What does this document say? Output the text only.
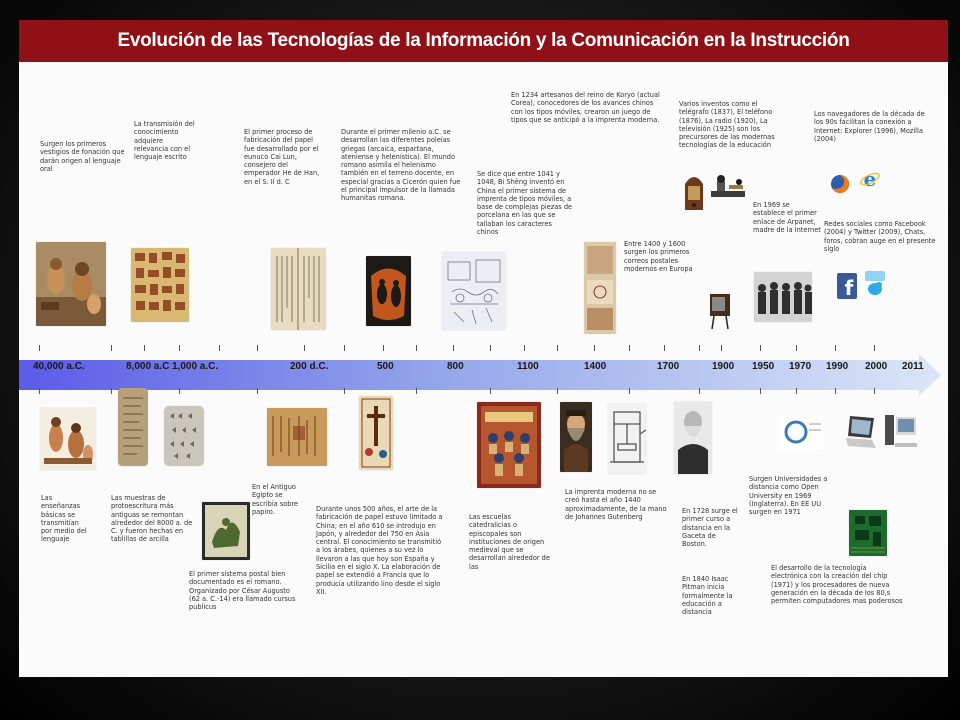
Evolución de las Tecnologías de la Información y la Comunicación en la Instrucción
Surgen los primeros vestigios de fonación que darán origen al lenguaje oral
La transmisión del conocimiento adquiere relevancia con el lenguaje escrito
El primer proceso de fabricación del papel fue desarrollado por el eunuco Cai Lun, consejero del emperador He de Han, en el S. II d. C
Durante el primer milenio a.C. se desarrollan las diferentes poleías griegas (arcaica, espartana, ateniense y helenística). El mundo romano asimila el helenismo también en el terreno docente, en especial gracias a Cicerón quien fue el principal impulsor de la llamada humanitas romana.
Se dice que entre 1041 y 1048, Bi Shêng inventó en China el primer sistema de imprenta de tipos móviles, a base de complejas piezas de porcelana en las que se tallaban los caracteres chinos
En 1234 artesanos del reino de Koryo (actual Corea), conocedores de los avances chinos con los tipos móviles, crearon un juego de tipos que se anticipó a la imprenta moderna.
Entre 1400 y 1600 surgen los primeros correos postales modernos en Europa
Varios inventos como el telégrafo (1837), El teléfono (1876), La radio (1920), La televisión (1925) son los precursores de las modernas tecnologías de la educación
En 1969 se establece el primer enlace de Arpanet, madre de la Internet
Los navegadores de la década de los 90s facilitan la conexión a Internet: Explorer (1996), Mozilla (2004)
Redes sociales como Facebook (2004) y Twitter (2009), Chats, foros, cobran auge en el presente siglo
e
f
40,000 a.C.	8,000 a.C 1,000 a.C.	200 d.C.	500	800	1100	1400	1700	1900 1950 1970 1990 2000 2011
Las enseñanzas básicas se transmitían por medio del lenguaje
Las muestras de protoescritura más antiguas se remontan alrededor del 8000 a. de C. y fueron hechas en tablillas de arcilla
En el Antiguo Egipto se escribía sobre papiro.
El primer sistema postal bien documentado es el romano. Organizado por César Augusto (62 a. C.-14) era llamado cursus publicus
Durante unos 500 años, el arte de la fabricación de papel estuvo limitado a China; en el año 610 se introdujo en Japón, y alrededor del 750 en Asia central. El conocimiento se transmitió a los árabes, quienes a su vez lo llevaron a las que hoy son España y Sicilia en el siglo X. La elaboración de papel se extendió a Francia que lo producía utilizando lino desde el siglo XII.
Las escuelas catedralicias o episcopales son instituciones de origen medieval que se desarrollan alrededor de las
La imprenta moderna no se creó hasta el año 1440 aproximadamente, de la mano de Johannes Gutenberg
En 1728 surge el primer curso a distancia en la Gaceta de Boston.
En 1840 Isaac Pitman inicia formalmente la educación a distancia
Surgen Universidades a distancia como Open University en 1969 (Inglaterra). En EE UU surgen en 1971
El desarrollo de la tecnología electrónica con la creación del chip (1971) y los procesadores de nueva generación en la década de los 80,s permiten computadores mas poderosos
